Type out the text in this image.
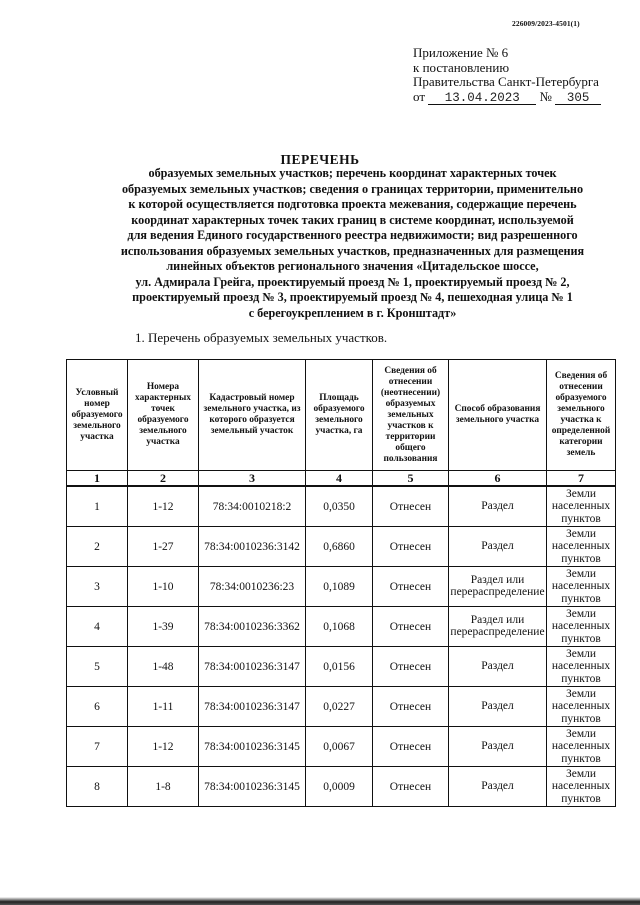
226009/2023-4501(1)
Приложение № 6
к постановлению
Правительства Санкт-Петербурга
от 13.04.2023 № 305
ПЕРЕЧЕНЬ
образуемых земельных участков; перечень координат характерных точек
образуемых земельных участков; сведения о границах территории, применительно
к которой осуществляется подготовка проекта межевания, содержащие перечень
координат характерных точек таких границ в системе координат, используемой
для ведения Единого государственного реестра недвижимости; вид разрешенного
использования образуемых земельных участков, предназначенных для размещения
линейных объектов регионального значения «Цитадельское шоссе,
ул. Адмирала Грейга, проектируемый проезд № 1, проектируемый проезд № 2,
проектируемый проезд № 3, проектируемый проезд № 4, пешеходная улица № 1
с берегоукреплением в г. Кронштадт»
1. Перечень образуемых земельных участков.
Условный номер образуемого земельного участка	Номера характерных точек образуемого земельного участка	Кадастровый номер земельного участка, из которого образуется земельный участок	Площадь образуемого земельного участка, га	Сведения об отнесении (неотнесении) образуемых земельных участков к территории общего пользования	Способ образования земельного участка	Сведения об отнесении образуемого земельного участка к определенной категории земель
1	2	3	4	5	6	7
1	1-12	78:34:0010218:2	0,0350	Отнесен	Раздел	Земли населенных пунктов
2	1-27	78:34:0010236:3142	0,6860	Отнесен	Раздел	Земли населенных пунктов
3	1-10	78:34:0010236:23	0,1089	Отнесен	Раздел или перераспределение	Земли населенных пунктов
4	1-39	78:34:0010236:3362	0,1068	Отнесен	Раздел или перераспределение	Земли населенных пунктов
5	1-48	78:34:0010236:3147	0,0156	Отнесен	Раздел	Земли населенных пунктов
6	1-11	78:34:0010236:3147	0,0227	Отнесен	Раздел	Земли населенных пунктов
7	1-12	78:34:0010236:3145	0,0067	Отнесен	Раздел	Земли населенных пунктов
8	1-8	78:34:0010236:3145	0,0009	Отнесен	Раздел	Земли населенных пунктов
